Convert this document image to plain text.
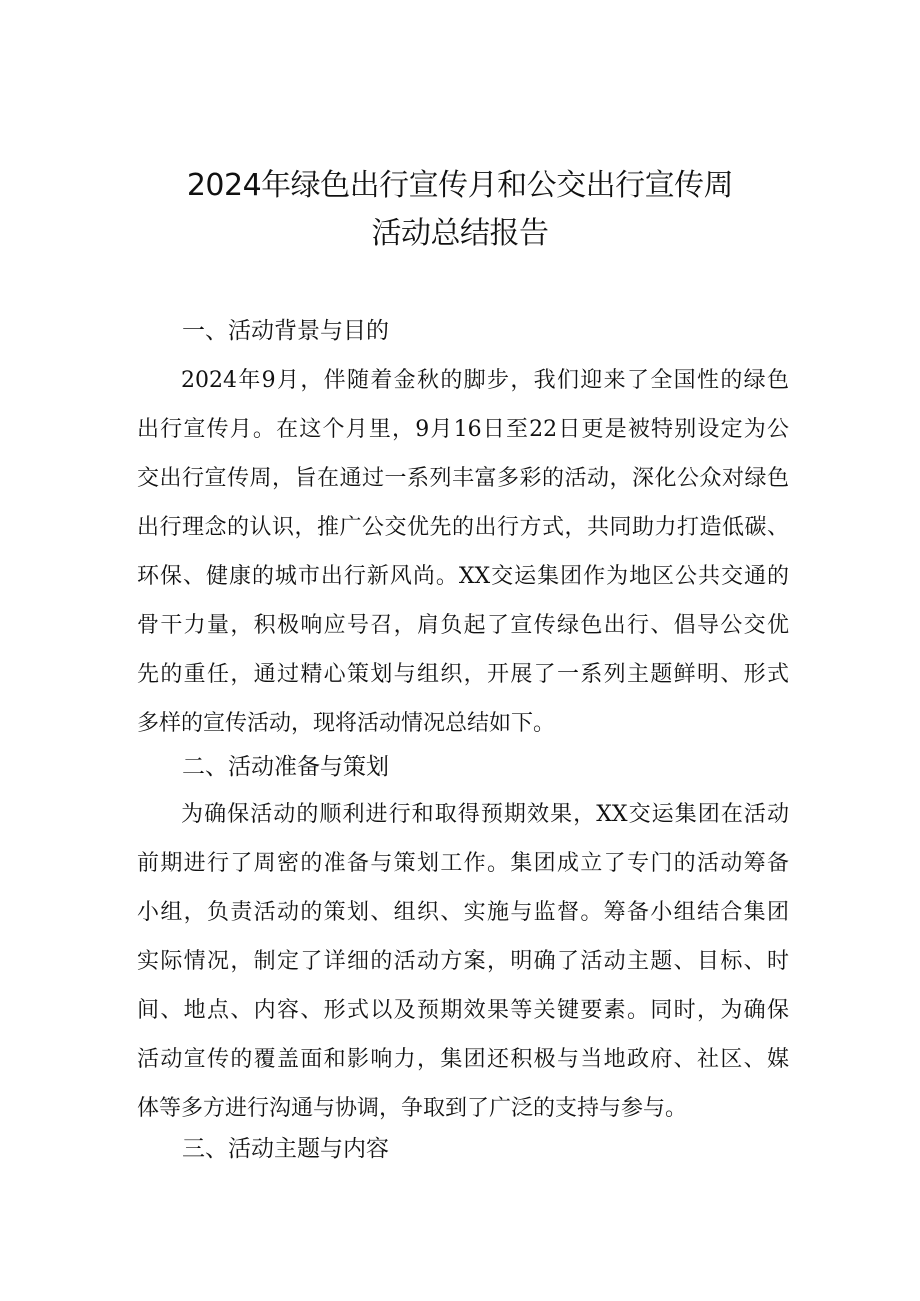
2024年绿色出行宣传月和公交出行宣传周
活动总结报告
一、活动背景与目的
2024年9月，伴随着金秋的脚步，我们迎来了全国性的绿色
出行宣传月。在这个月里，9月16日至22日更是被特别设定为公
交出行宣传周，旨在通过一系列丰富多彩的活动，深化公众对绿色
出行理念的认识，推广公交优先的出行方式，共同助力打造低碳、
环保、健康的城市出行新风尚。XX交运集团作为地区公共交通的
骨干力量，积极响应号召，肩负起了宣传绿色出行、倡导公交优
先的重任，通过精心策划与组织，开展了一系列主题鲜明、形式
多样的宣传活动，现将活动情况总结如下。
二、活动准备与策划
为确保活动的顺利进行和取得预期效果，XX交运集团在活动
前期进行了周密的准备与策划工作。集团成立了专门的活动筹备
小组，负责活动的策划、组织、实施与监督。筹备小组结合集团
实际情况，制定了详细的活动方案，明确了活动主题、目标、时
间、地点、内容、形式以及预期效果等关键要素。同时，为确保
活动宣传的覆盖面和影响力，集团还积极与当地政府、社区、媒
体等多方进行沟通与协调，争取到了广泛的支持与参与。
三、活动主题与内容
